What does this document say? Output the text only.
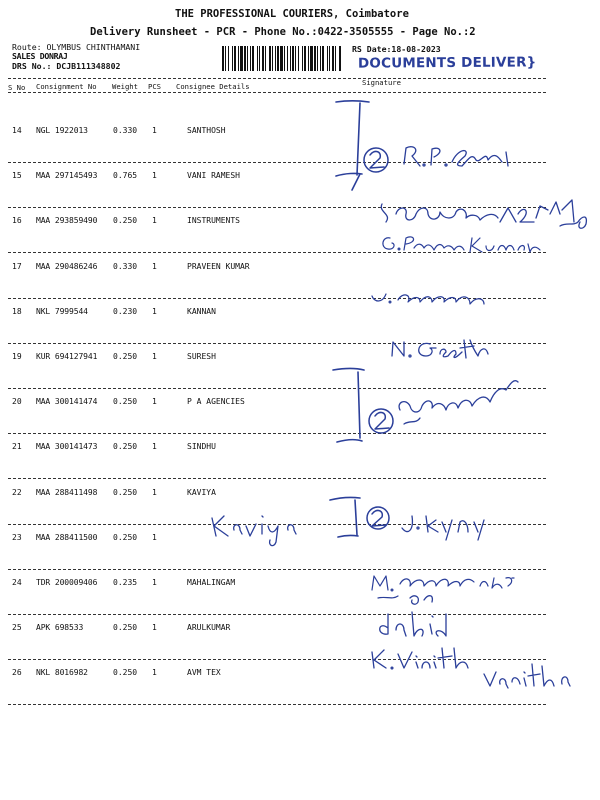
THE PROFESSIONAL COURIERS, Coimbatore
Delivery Runsheet - PCR - Phone No.:0422-3505555 - Page No.:2
Route: OLYMBUS CHINTHAMANI
SALES DONRAJ
DRS No.: DCJB111348802
RS Date:18-08-2023
DOCUMENTS DELIVER}
S No Consignment No Weight PCS Consignee Details	Signature
14 NGL 1922013	0.330 1	SANTHOSH
15 MAA 297145493 0.765 1	VANI RAMESH
16 MAA 293859490 0.250 1	INSTRUMENTS
17 MAA 290486246 0.330 1	PRAVEEN KUMAR
18 NKL 7999544	0.230 1	KANNAN
19 KUR 694127941 0.250 1	SURESH
20 MAA 300141474 0.250 1	P A AGENCIES
21 MAA 300141473 0.250 1	SINDHU
22 MAA 288411498 0.250 1	KAVIYA
23 MAA 288411500 0.250 1
24 TDR 200009406 0.235 1	MAHALINGAM
25 APK 698533	0.250 1	ARULKUMAR
26 NKL 8016982	0.250 1	AVM TEX
